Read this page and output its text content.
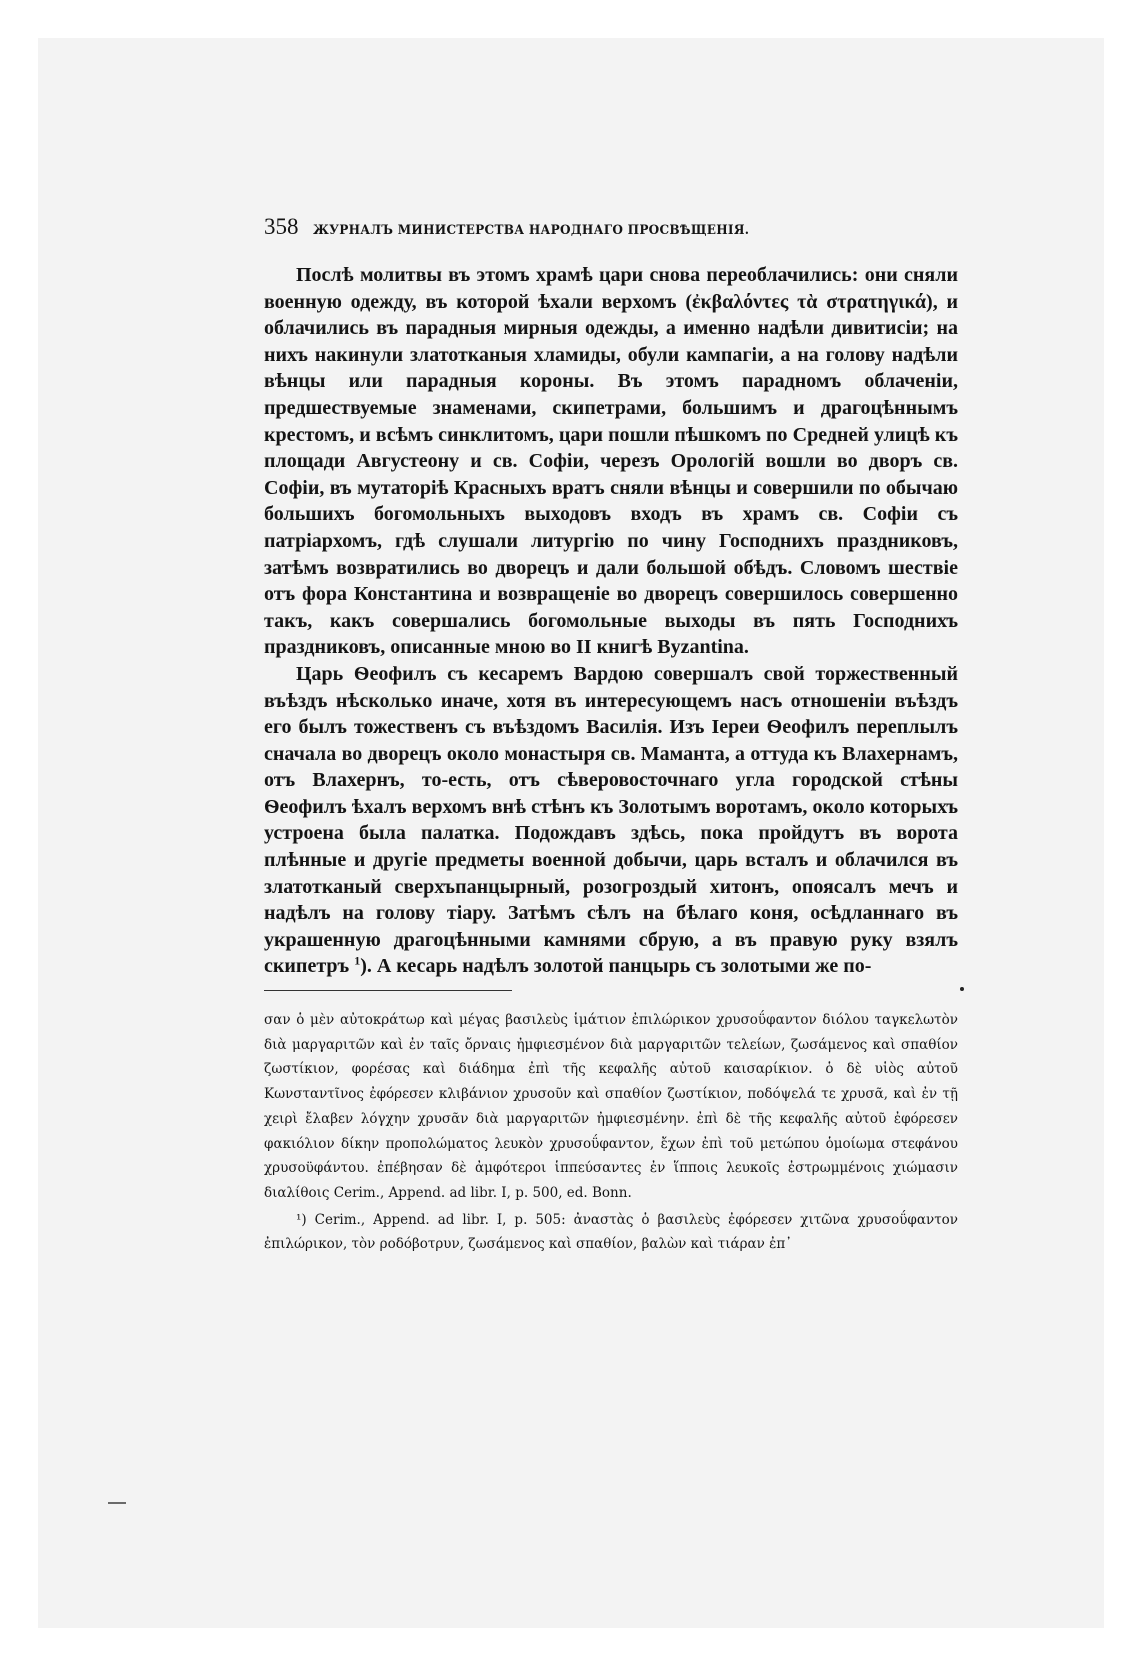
358 ЖУРНАЛЪ МИНИСТЕРСТВА НАРОДНАГО ПРОСВѢЩЕНІЯ.

Послѣ молитвы въ этомъ храмѣ цари снова переоблачились: они сняли военную одежду, въ которой ѣхали верхомъ (ἐκβαλόντες τὰ στρατηγικά), и облачились въ парадныя мирныя одежды, а именно надѣли дивитисіи; на нихъ накинули златотканыя хламиды, обули кампагіи, а на голову надѣли вѣнцы или парадныя короны. Въ этомъ парадномъ облаченіи, предшествуемые знаменами, скипетрами, большимъ и драгоцѣннымъ крестомъ, и всѣмъ синклитомъ, цари пошли пѣшкомъ по Средней улицѣ къ площади Августеону и св. Софіи, черезъ Орологій вошли во дворъ св. Софіи, въ мутаторіѣ Красныхъ вратъ сняли вѣнцы и совершили по обычаю большихъ богомольныхъ выходовъ входъ въ храмъ св. Софіи съ патріархомъ, гдѣ слушали литургію по чину Господнихъ праздниковъ, затѣмъ возвратились во дворецъ и дали большой обѣдъ. Словомъ шествіе отъ фора Константина и возвращеніе во дворецъ совершилось совершенно такъ, какъ совершались богомольные выходы въ пять Господнихъ праздниковъ, описанные мною во II книгѣ Byzantina.

Царь Ѳеофилъ съ кесаремъ Вардою совершалъ свой торжественный въѣздъ нѣсколько иначе, хотя въ интересующемъ насъ отношеніи въѣздъ его былъ тожественъ съ въѣздомъ Василія. Изъ Іерeи Ѳеофилъ переплылъ сначала во дворецъ около монастыря св. Маманта, а оттуда къ Влахернамъ, отъ Влахернъ, то-есть, отъ сѣверовосточнаго угла городской стѣны Ѳеофилъ ѣхалъ верхомъ внѣ стѣнъ къ Золотымъ воротамъ, около которыхъ устроена была палатка. Подождавъ здѣсь, пока пройдутъ въ ворота плѣнные и другіе предметы военной добычи, царь всталъ и облачился въ златотканый сверхъпанцырный, розогроздый хитонъ, опоясалъ мечъ и надѣлъ на голову тіару. Затѣмъ сѣлъ на бѣлаго коня, осѣдланнаго въ украшенную драгоцѣнными камнями сбрую, а въ правую руку взялъ скипетръ $^1$). А кесарь надѣлъ золотой панцырь съ золотыми же по-

σαν ὁ μὲν αὐτοκράτωρ καὶ μέγας βασιλεὺς ἱμάτιον ἐπιλώρικον χρυσοΰφαντον διόλου ταγκελωτὸν διὰ μαργαριτῶν καὶ ἐν ταῖς ὄρναις ἠμφιεσμένον διὰ μαργαριτῶν τελείων, ζωσάμενος καὶ σπαθίον ζωστίκιον, φορέσας καὶ διάδημα ἐπὶ τῆς κεφαλῆς αὐτοῦ καισαρίκιον. ὁ δὲ υἱὸς αὐτοῦ Κωνσταντῖνος ἐφόρεσεν κλιβάνιον χρυσοῦν καὶ σπαθίον ζωστίκιον, ποδόψελά τε χρυσᾶ, καὶ ἐν τῇ χειρὶ ἔλαβεν λόγχην χρυσᾶν διὰ μαργαριτῶν ἠμφιεσμένην. ἐπὶ δὲ τῆς κεφαλῆς αὐτοῦ ἐφόρεσεν φακιόλιον δίκην προπολώματος λευκὸν χρυσοΰφαντον, ἔχων ἐπὶ τοῦ μετώπου ὁμοίωμα στεφάνου χρυσοϋφάντου. ἐπέβησαν δὲ ἀμφότεροι ἱππεύσαντες ἐν ἵπποις λευκοῖς ἐστρωμμένοις χιώμασιν διαλίθοις Cerim., Append. ad libr. I, p. 500, ed. Bonn.

¹) Cerim., Append. ad libr. I, p. 505: ἀναστὰς ὁ βασιλεὺς ἐφόρεσεν χιτῶνα χρυσοΰφαντον ἐπιλώρικον, τὸν ροδόβοτρυν, ζωσάμενος καὶ σπαθίον, βαλὼν καὶ τιάραν ἐπ᾽
